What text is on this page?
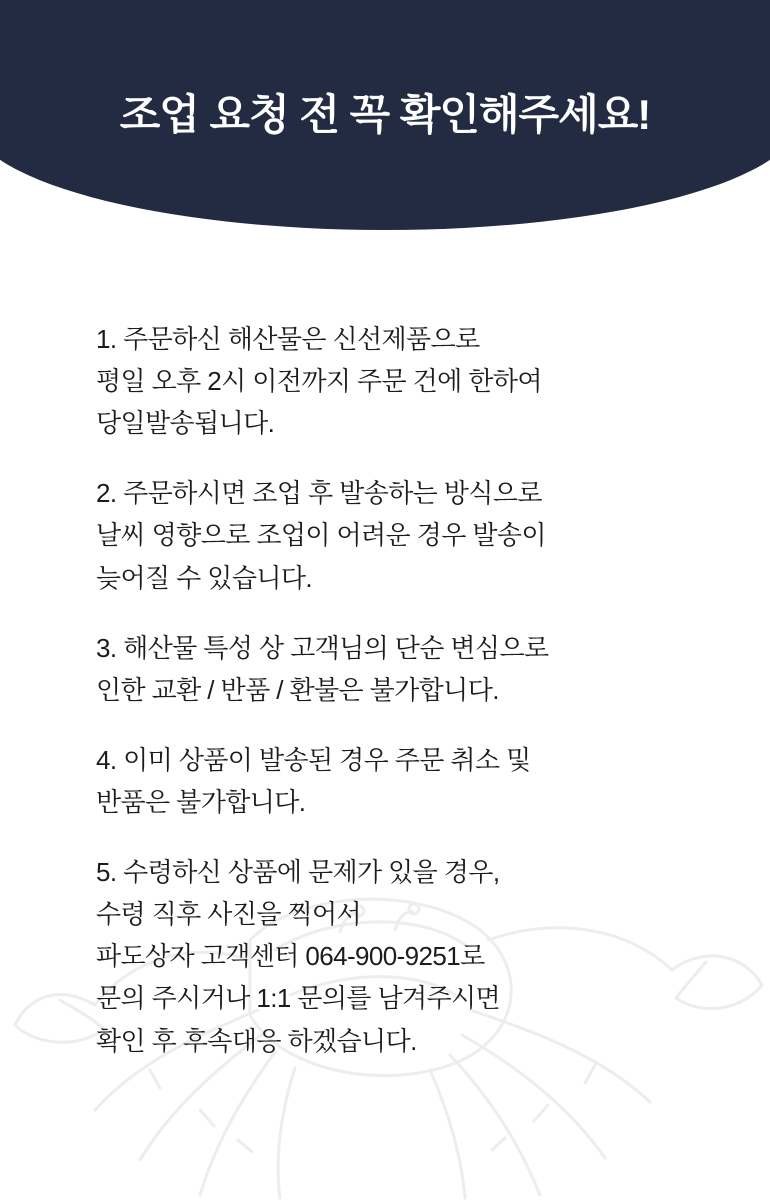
조업 요청 전 꼭 확인해주세요!
1. 주문하신 해산물은 신선제품으로
평일 오후 2시 이전까지 주문 건에 한하여
당일발송됩니다.
2. 주문하시면 조업 후 발송하는 방식으로
날씨 영향으로 조업이 어려운 경우 발송이
늦어질 수 있습니다.
3. 해산물 특성 상 고객님의 단순 변심으로
인한 교환 / 반품 / 환불은 불가합니다.
4. 이미 상품이 발송된 경우 주문 취소 및
반품은 불가합니다.
5. 수령하신 상품에 문제가 있을 경우,
수령 직후 사진을 찍어서
파도상자 고객센터 064-900-9251로
문의 주시거나 1:1 문의를 남겨주시면
확인 후 후속대응 하겠습니다.
